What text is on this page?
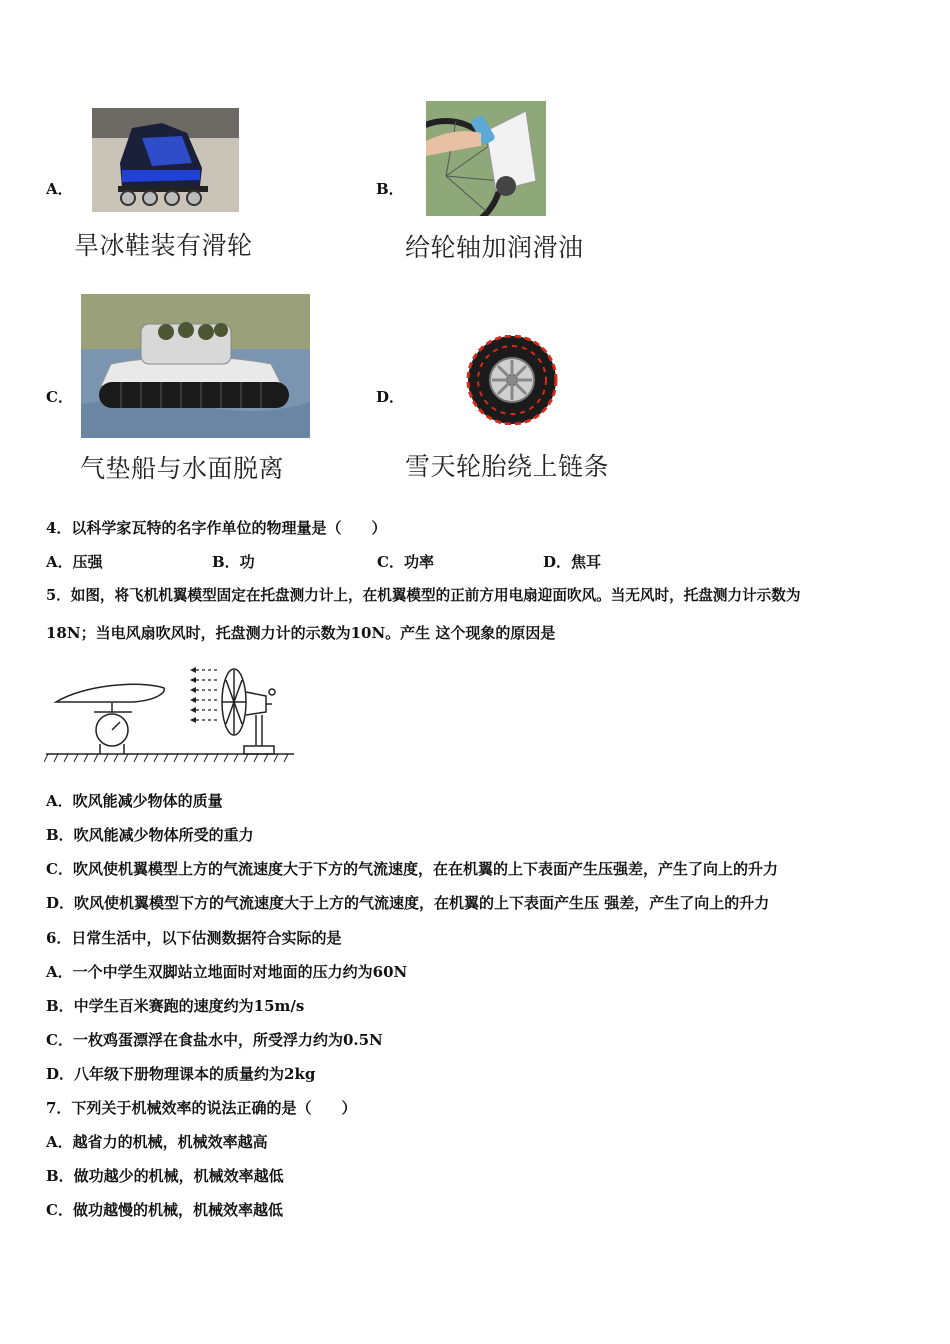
A．
旱冰鞋装有滑轮
B．
给轮轴加润滑油
C．
气垫船与水面脱离
D．
雪天轮胎绕上链条
4．以科学家瓦特的名字作单位的物理量是（　　）
A．压强	B．功	C．功率	D．焦耳
5．如图，将飞机机翼模型固定在托盘测力计上，在机翼模型的正前方用电扇迎面吹风。当无风时，托盘测力计示数为
18N；当电风扇吹风时，托盘测力计的示数为10N。产生 这个现象的原因是
A．吹风能减少物体的质量
B．吹风能减少物体所受的重力
C．吹风使机翼模型上方的气流速度大于下方的气流速度，在在机翼的上下表面产生压强差，产生了向上的升力
D．吹风使机翼模型下方的气流速度大于上方的气流速度，在机翼的上下表面产生压 强差，产生了向上的升力
6．日常生活中，以下估测数据符合实际的是
A．一个中学生双脚站立地面时对地面的压力约为60N
B．中学生百米赛跑的速度约为15m/s
C．一枚鸡蛋漂浮在食盐水中，所受浮力约为0.5N
D．八年级下册物理课本的质量约为2kg
7．下列关于机械效率的说法正确的是（　　）
A．越省力的机械，机械效率越高
B．做功越少的机械，机械效率越低
C．做功越慢的机械，机械效率越低
